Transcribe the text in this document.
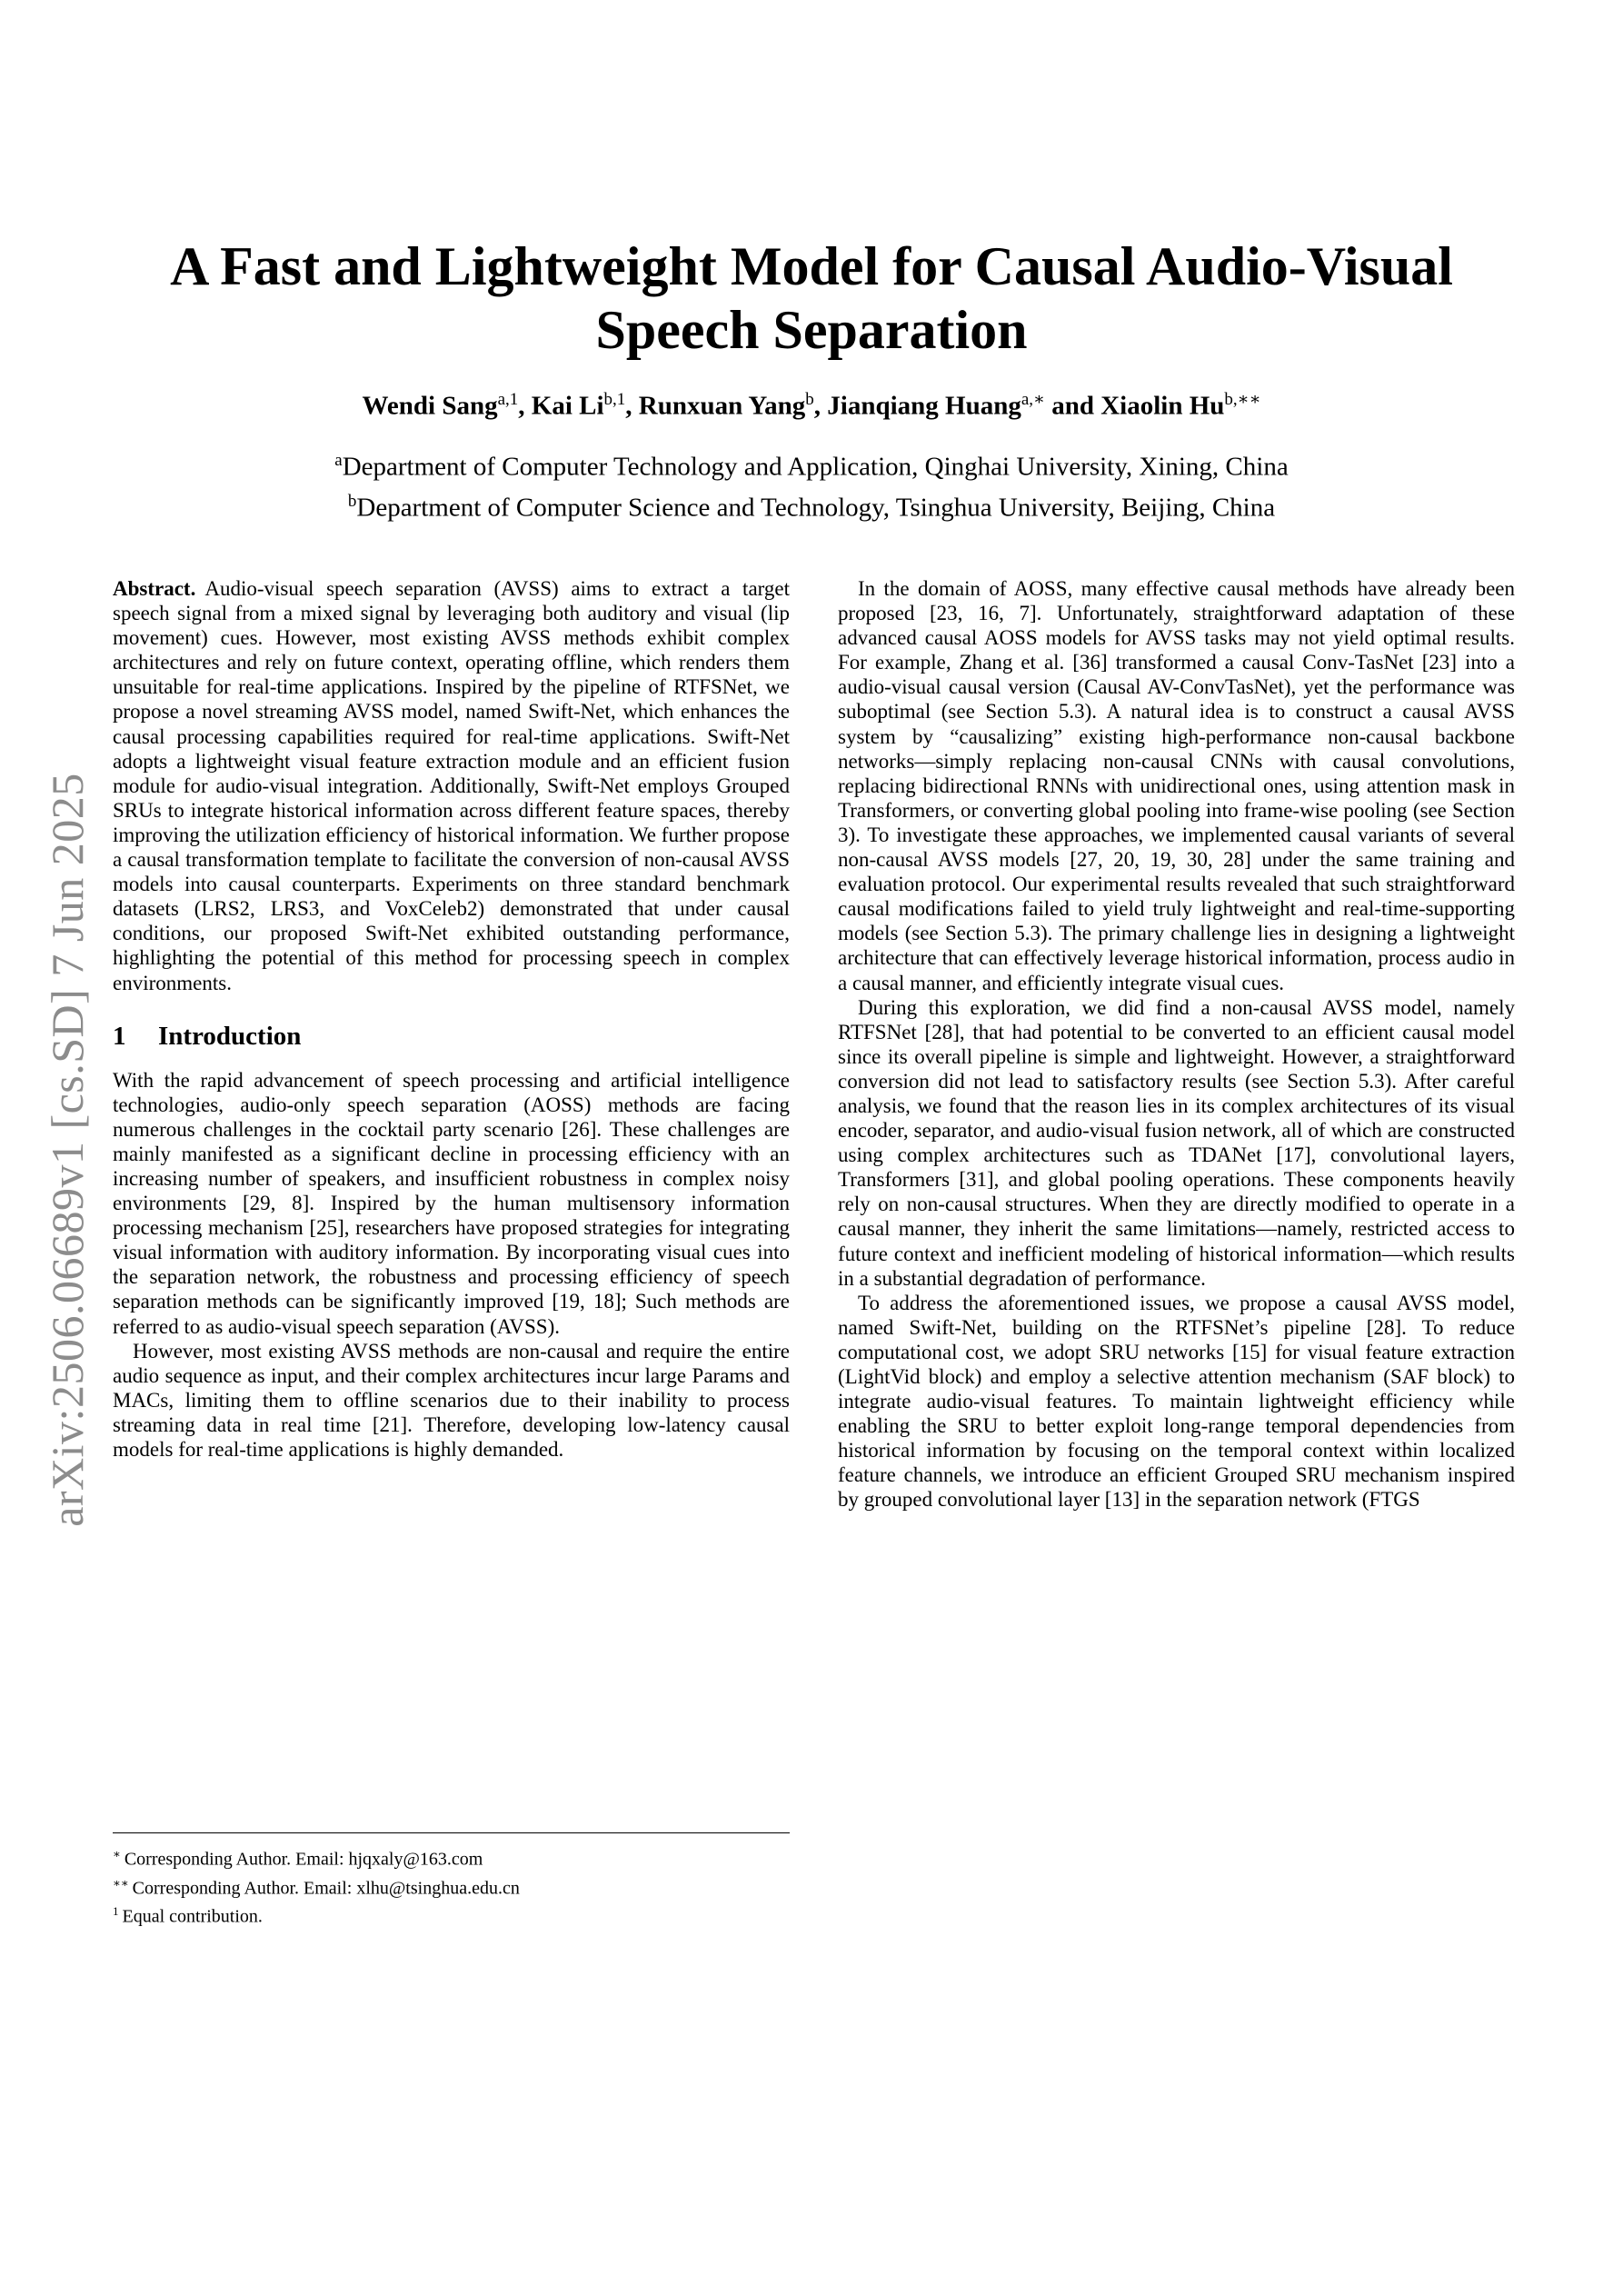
arXiv:2506.06689v1 [cs.SD] 7 Jun 2025
A Fast and Lightweight Model for Causal Audio-Visual Speech Separation
Wendi Sang$^{a,1}$, Kai Li$^{b,1}$, Runxuan Yang$^b$, Jianqiang Huang$^{a,∗}$ and Xiaolin $Hu^{b,∗∗}$
$^a$Department of Computer Technology and Application, Qinghai University, Xining, China
$^b$Department of Computer Science and Technology, Tsinghua University, Beijing, China

Abstract. Audio-visual speech separation (AVSS) aims to extract a target speech signal from a mixed signal by leveraging both auditory and visual (lip movement) cues. However, most existing AVSS methods exhibit complex architectures and rely on future context, operating offline, which renders them unsuitable for real-time applications. Inspired by the pipeline of RTFSNet, we propose a novel streaming AVSS model, named Swift-Net, which enhances the causal processing capabilities required for real-time applications. Swift-Net adopts a lightweight visual feature extraction module and an efficient fusion module for audio-visual integration. Additionally, Swift-Net employs Grouped SRUs to integrate historical information across different feature spaces, thereby improving the utilization efficiency of historical information. We further propose a causal transformation template to facilitate the conversion of non-causal AVSS models into causal counterparts. Experiments on three standard benchmark datasets (LRS2, LRS3, and VoxCeleb2) demonstrated that under causal conditions, our proposed Swift-Net exhibited outstanding performance, highlighting the potential of this method for processing speech in complex environments.

1 Introduction

With the rapid advancement of speech processing and artificial intelligence technologies, audio-only speech separation (AOSS) methods are facing numerous challenges in the cocktail party scenario [26]. These challenges are mainly manifested as a significant decline in processing efficiency with an increasing number of speakers, and insufficient robustness in complex noisy environments [29, 8]. Inspired by the human multisensory information processing mechanism [25], researchers have proposed strategies for integrating visual information with auditory information. By incorporating visual cues into the separation network, the robustness and processing efficiency of speech separation methods can be significantly improved [19, 18]; Such methods are referred to as audio-visual speech separation (AVSS).

However, most existing AVSS methods are non-causal and require the entire audio sequence as input, and their complex architectures incur large Params and MACs, limiting them to offline scenarios due to their inability to process streaming data in real time [21]. Therefore, developing low-latency causal models for real-time applications is highly demanded.

∗ Corresponding Author. Email: hjqxaly@163.com
∗∗ Corresponding Author. Email: xlhu@tsinghua.edu.cn
$^1$ Equal contribution.

In the domain of AOSS, many effective causal methods have already been proposed [23, 16, 7]. Unfortunately, straightforward adaptation of these advanced causal AOSS models for AVSS tasks may not yield optimal results. For example, Zhang et al. [36] transformed a causal Conv-TasNet [23] into a audio-visual causal version (Causal AV-ConvTasNet), yet the performance was suboptimal (see Section 5.3). A natural idea is to construct a causal AVSS system by “causalizing” existing high-performance non-causal backbone networks—simply replacing non-causal CNNs with causal convolutions, replacing bidirectional RNNs with unidirectional ones, using attention mask in Transformers, or converting global pooling into frame-wise pooling (see Section 3). To investigate these approaches, we implemented causal variants of several non-causal AVSS models [27, 20, 19, 30, 28] under the same training and evaluation protocol. Our experimental results revealed that such straightforward causal modifications failed to yield truly lightweight and real-time-supporting models (see Section 5.3). The primary challenge lies in designing a lightweight architecture that can effectively leverage historical information, process audio in a causal manner, and efficiently integrate visual cues.

During this exploration, we did find a non-causal AVSS model, namely RTFSNet [28], that had potential to be converted to an efficient causal model since its overall pipeline is simple and lightweight. However, a straightforward conversion did not lead to satisfactory results (see Section 5.3). After careful analysis, we found that the reason lies in its complex architectures of its visual encoder, separator, and audio-visual fusion network, all of which are constructed using complex architectures such as TDANet [17], convolutional layers, Transformers [31], and global pooling operations. These components heavily rely on non-causal structures. When they are directly modified to operate in a causal manner, they inherit the same limitations—namely, restricted access to future context and inefficient modeling of historical information—which results in a substantial degradation of performance.

To address the aforementioned issues, we propose a causal AVSS model, named Swift-Net, building on the RTFSNet’s pipeline [28]. To reduce computational cost, we adopt SRU networks [15] for visual feature extraction (LightVid block) and employ a selective attention mechanism (SAF block) to integrate audio-visual features. To maintain lightweight efficiency while enabling the SRU to better exploit long-range temporal dependencies from historical information by focusing on the temporal context within localized feature channels, we introduce an efficient Grouped SRU mechanism inspired by grouped convolutional layer [13] in the separation network (FTGS
